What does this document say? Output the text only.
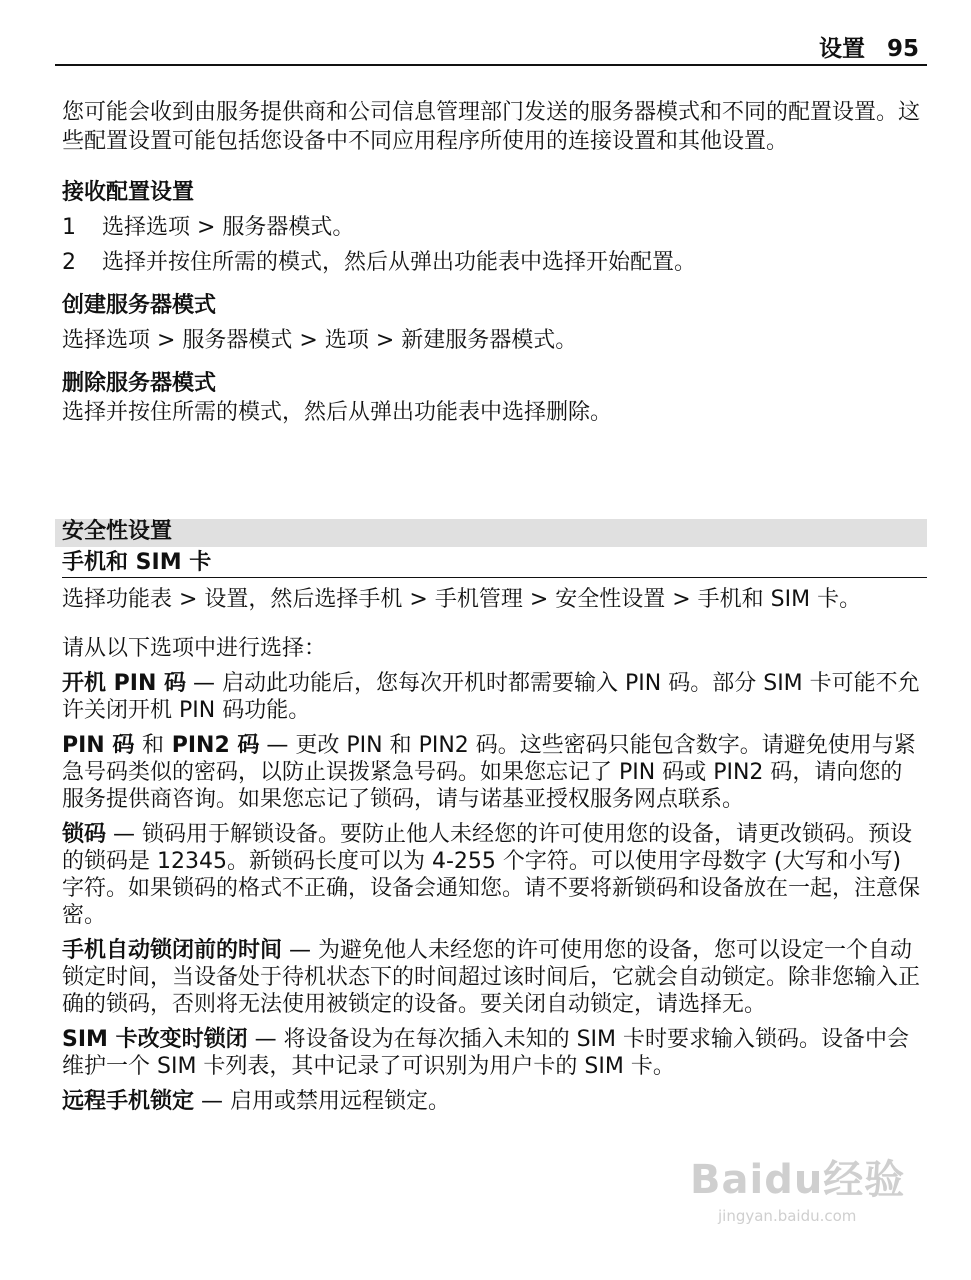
设置 95

您可能会收到由服务提供商和公司信息管理部门发送的服务器模式和不同的配置设置。这些配置设置可能包括您设备中不同应用程序所使用的连接设置和其他设置。

接收配置设置

1	选择选项 > 服务器模式。
2	选择并按住所需的模式，然后从弹出功能表中选择开始配置。

创建服务器模式

选择选项 > 服务器模式 > 选项 > 新建服务器模式。

删除服务器模式

选择并按住所需的模式，然后从弹出功能表中选择删除。

安全性设置
手机和 SIM 卡

选择功能表 > 设置，然后选择手机 > 手机管理 > 安全性设置 > 手机和 SIM 卡。

请从以下选项中进行选择：

开机 PIN 码 — 启动此功能后，您每次开机时都需要输入 PIN 码。部分 SIM 卡可能不允许关闭开机 PIN 码功能。

PIN 码 和 PIN2 码 — 更改 PIN 和 PIN2 码。这些密码只能包含数字。请避免使用与紧急号码类似的密码，以防止误拨紧急号码。如果您忘记了 PIN 码或 PIN2 码，请向您的服务提供商咨询。如果您忘记了锁码，请与诺基亚授权服务网点联系。

锁码 — 锁码用于解锁设备。要防止他人未经您的许可使用您的设备，请更改锁码。预设的锁码是 12345。新锁码长度可以为 4-255 个字符。可以使用字母数字 (大写和小写) 字符。如果锁码的格式不正确，设备会通知您。请不要将新锁码和设备放在一起，注意保密。

手机自动锁闭前的时间 — 为避免他人未经您的许可使用您的设备，您可以设定一个自动锁定时间，当设备处于待机状态下的时间超过该时间后，它就会自动锁定。除非您输入正确的锁码，否则将无法使用被锁定的设备。要关闭自动锁定，请选择无。

SIM 卡改变时锁闭 — 将设备设为在每次插入未知的 SIM 卡时要求输入锁码。设备中会维护一个 SIM 卡列表，其中记录了可识别为用户卡的 SIM 卡。

远程手机锁定 — 启用或禁用远程锁定。

Baidu经验
jingyan.baidu.com
